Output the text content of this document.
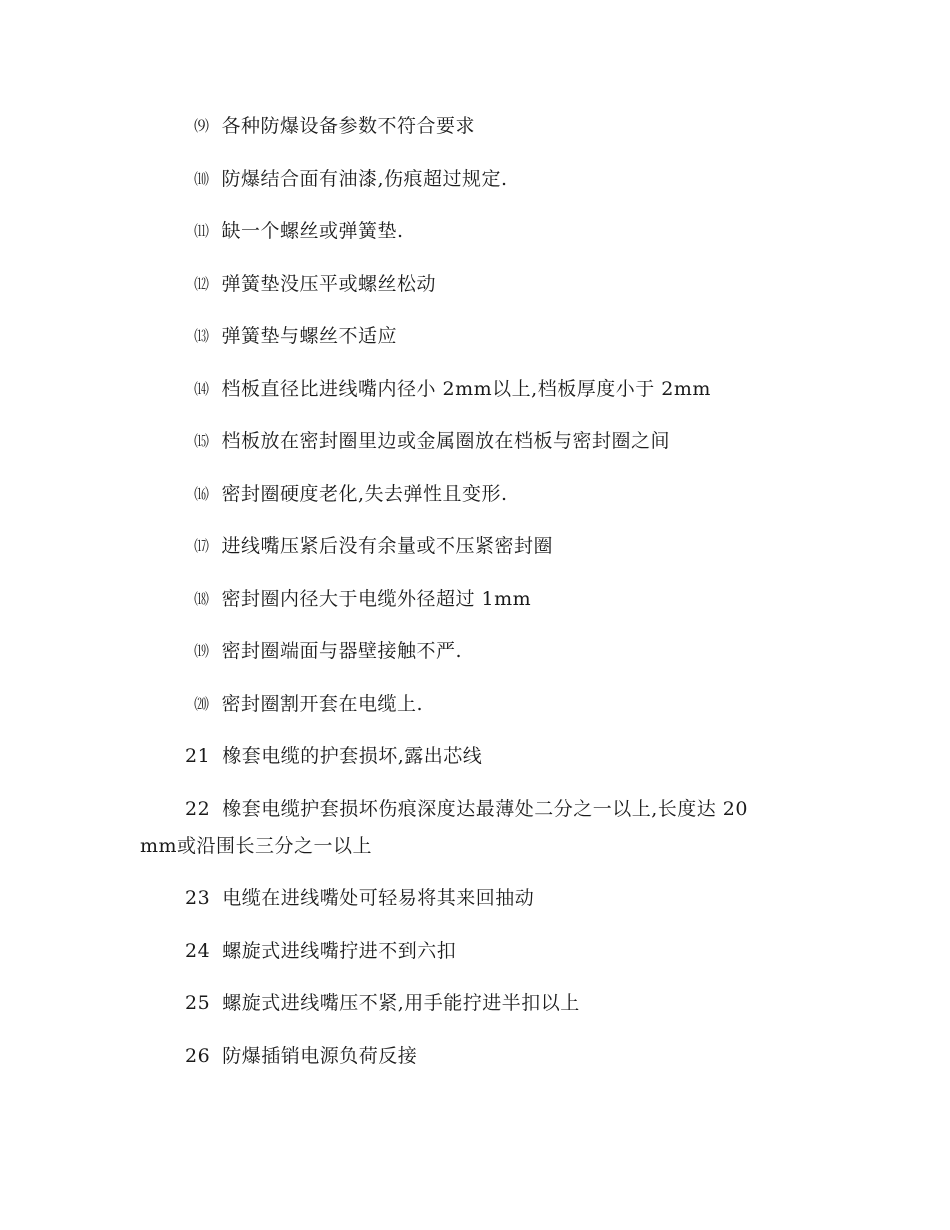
⑼ 各种防爆设备参数不符合要求
⑽ 防爆结合面有油漆,伤痕超过规定.
⑾ 缺一个螺丝或弹簧垫.
⑿ 弹簧垫没压平或螺丝松动
⒀ 弹簧垫与螺丝不适应
⒁ 档板直径比进线嘴内径小 2mm以上,档板厚度小于 2mm
⒂ 档板放在密封圈里边或金属圈放在档板与密封圈之间
⒃ 密封圈硬度老化,失去弹性且变形.
⒄ 进线嘴压紧后没有余量或不压紧密封圈
⒅ 密封圈内径大于电缆外径超过 1mm
⒆ 密封圈端面与器壁接触不严.
⒇ 密封圈割开套在电缆上.
21 橡套电缆的护套损坏,露出芯线
22 橡套电缆护套损坏伤痕深度达最薄处二分之一以上,长度达 20
mm或沿围长三分之一以上
23 电缆在进线嘴处可轻易将其来回抽动
24 螺旋式进线嘴拧进不到六扣
25 螺旋式进线嘴压不紧,用手能拧进半扣以上
26 防爆插销电源负荷反接
